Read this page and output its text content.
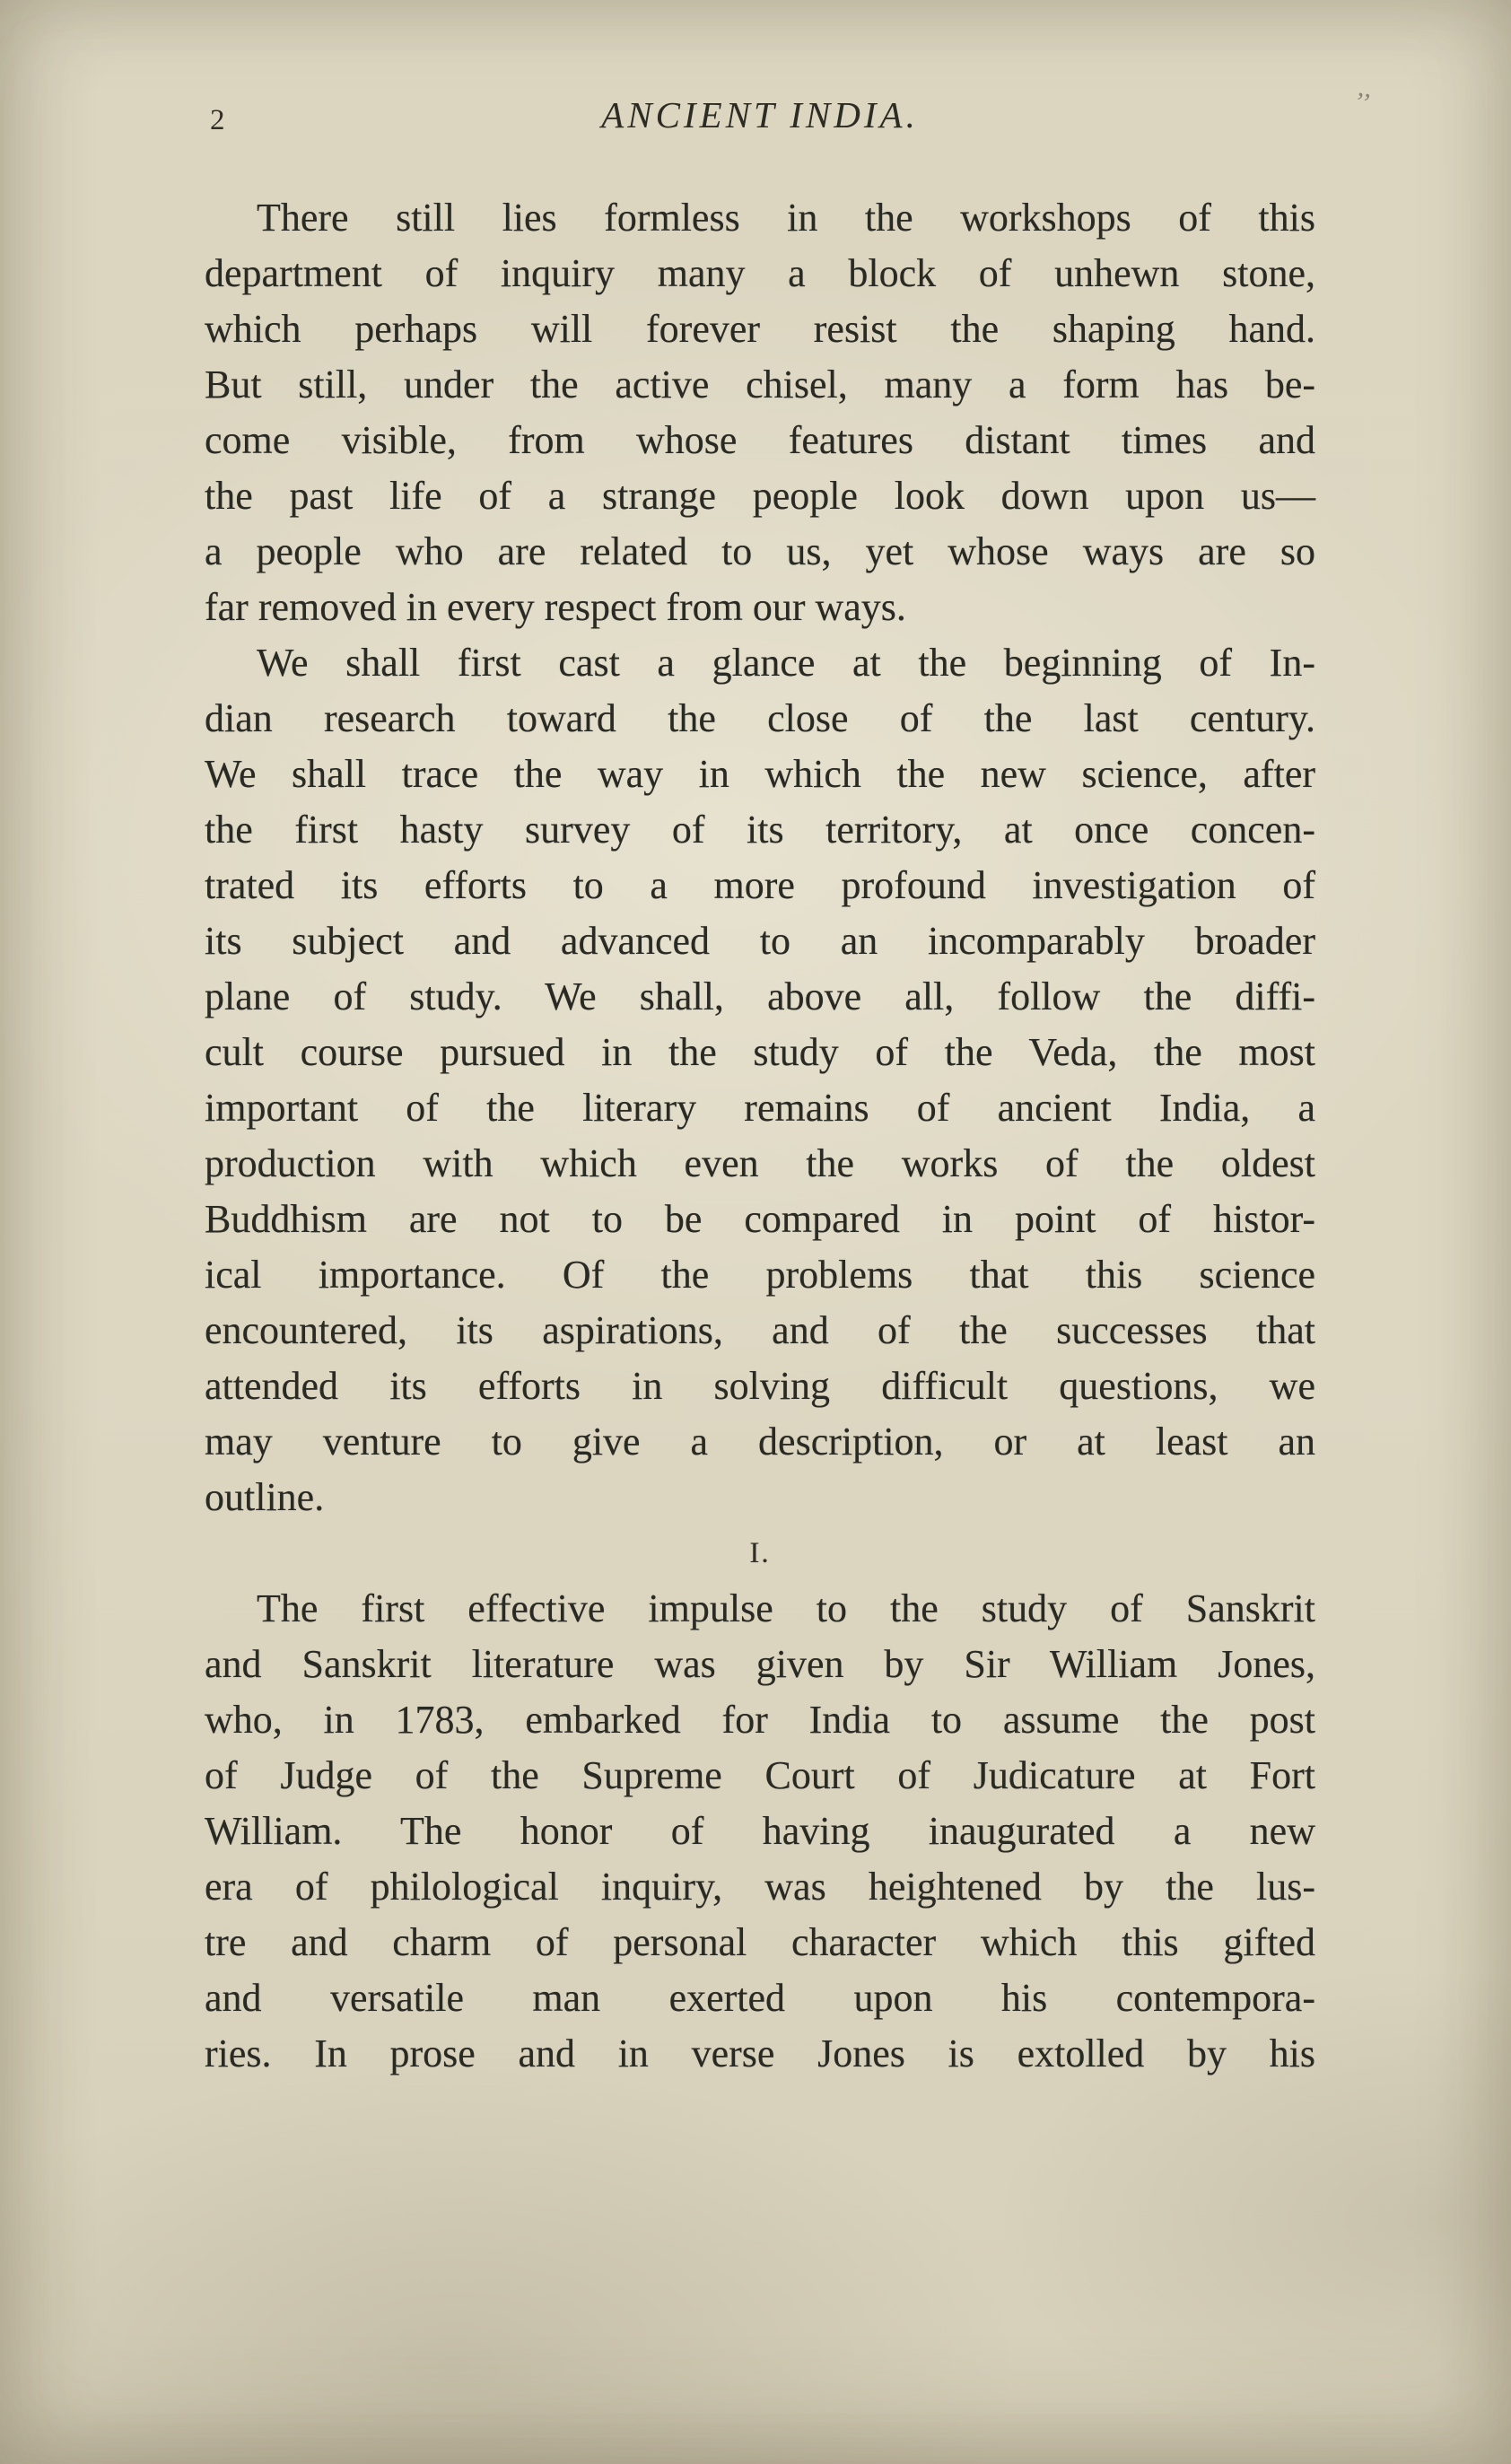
2	ANCIENT INDIA.	’’
There still lies formless in the workshops of this
department of inquiry many a block of unhewn stone,
which perhaps will forever resist the shaping hand.
But still, under the active chisel, many a form has be-
come visible, from whose features distant times and
the past life of a strange people look down upon us—
a people who are related to us, yet whose ways are so
far removed in every respect from our ways.
We shall first cast a glance at the beginning of In-
dian research toward the close of the last century.
We shall trace the way in which the new science, after
the first hasty survey of its territory, at once concen-
trated its efforts to a more profound investigation of
its subject and advanced to an incomparably broader
plane of study. We shall, above all, follow the diffi-
cult course pursued in the study of the Veda, the most
important of the literary remains of ancient India, a
production with which even the works of the oldest
Buddhism are not to be compared in point of histor-
ical importance. Of the problems that this science
encountered, its aspirations, and of the successes that
attended its efforts in solving difficult questions, we
may venture to give a description, or at least an
outline.
I.
The first effective impulse to the study of Sanskrit
and Sanskrit literature was given by Sir William Jones,
who, in 1783, embarked for India to assume the post
of Judge of the Supreme Court of Judicature at Fort
William. The honor of having inaugurated a new
era of philological inquiry, was heightened by the lus-
tre and charm of personal character which this gifted
and versatile man exerted upon his contempora-
ries. In prose and in verse Jones is extolled by his
